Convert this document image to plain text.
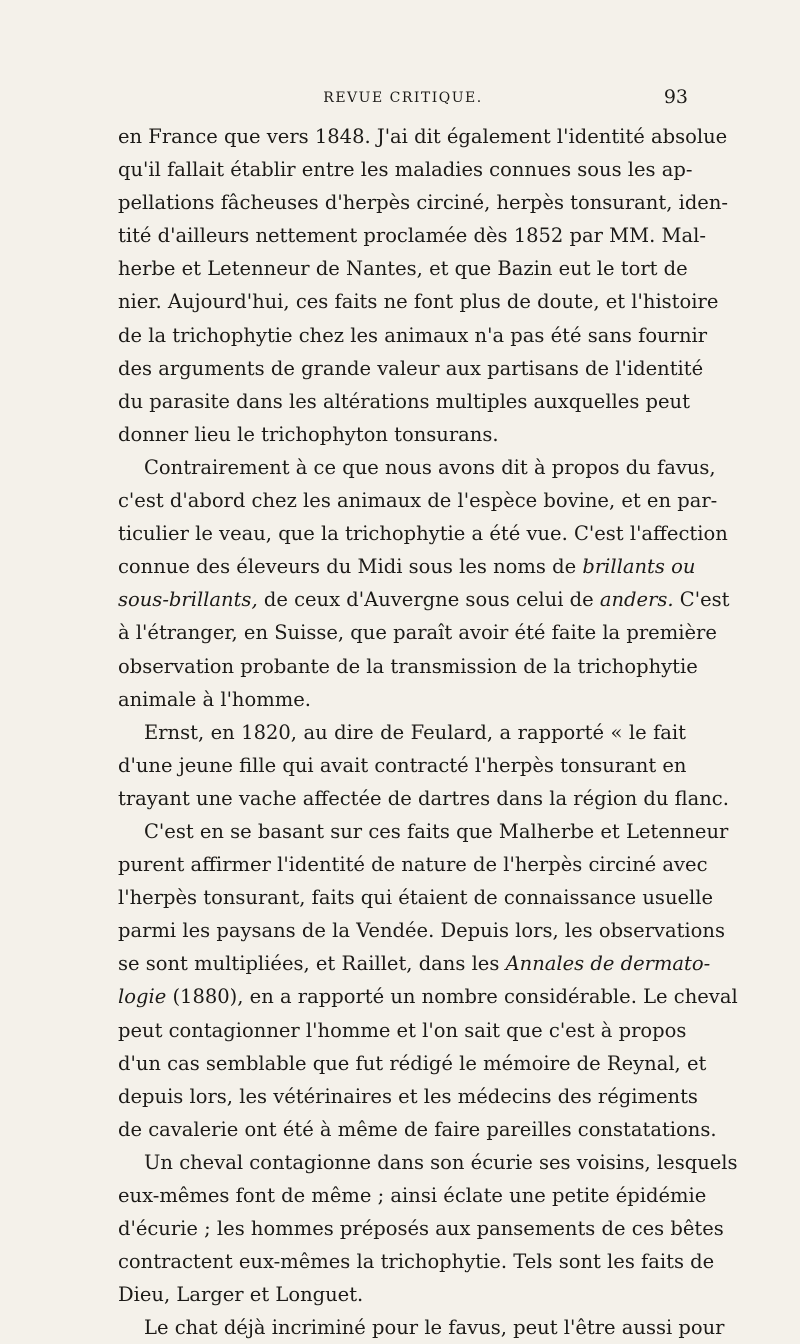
REVUE CRITIQUE.	93
en France que vers 1848. J'ai dit également l'identité absolue
qu'il fallait établir entre les maladies connues sous les ap-
pellations fâcheuses d'herpès circiné, herpès tonsurant, iden-
tité d'ailleurs nettement proclamée dès 1852 par MM. Mal-
herbe et Letenneur de Nantes, et que Bazin eut le tort de
nier. Aujourd'hui, ces faits ne font plus de doute, et l'histoire
de la trichophytie chez les animaux n'a pas été sans fournir
des arguments de grande valeur aux partisans de l'identité
du parasite dans les altérations multiples auxquelles peut
donner lieu le trichophyton tonsurans.
Contrairement à ce que nous avons dit à propos du favus,
c'est d'abord chez les animaux de l'espèce bovine, et en par-
ticulier le veau, que la trichophytie a été vue. C'est l'affection
connue des éleveurs du Midi sous les noms de brillants ou
sous-brillants, de ceux d'Auvergne sous celui de anders. C'est
à l'étranger, en Suisse, que paraît avoir été faite la première
observation probante de la transmission de la trichophytie
animale à l'homme.
Ernst, en 1820, au dire de Feulard, a rapporté « le fait
d'une jeune fille qui avait contracté l'herpès tonsurant en
trayant une vache affectée de dartres dans la région du flanc.
C'est en se basant sur ces faits que Malherbe et Letenneur
purent affirmer l'identité de nature de l'herpès circiné avec
l'herpès tonsurant, faits qui étaient de connaissance usuelle
parmi les paysans de la Vendée. Depuis lors, les observations
se sont multipliées, et Raillet, dans les Annales de dermato-
logie (1880), en a rapporté un nombre considérable. Le cheval
peut contagionner l'homme et l'on sait que c'est à propos
d'un cas semblable que fut rédigé le mémoire de Reynal, et
depuis lors, les vétérinaires et les médecins des régiments
de cavalerie ont été à même de faire pareilles constatations.
Un cheval contagionne dans son écurie ses voisins, lesquels
eux-mêmes font de même ; ainsi éclate une petite épidémie
d'écurie ; les hommes préposés aux pansements de ces bêtes
contractent eux-mêmes la trichophytie. Tels sont les faits de
Dieu, Larger et Longuet.
Le chat déjà incriminé pour le favus, peut l'être aussi pour
